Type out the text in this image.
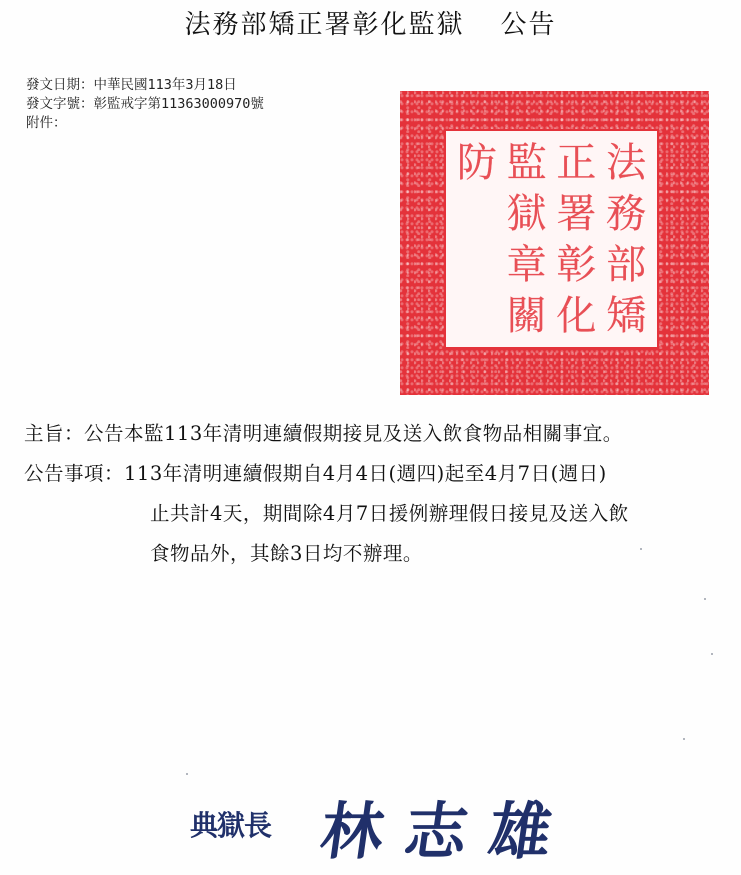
法務部矯正署彰化監獄 公告
發文日期：中華民國113年3月18日
發文字號：彰監戒字第11363000970號
附件：
法
務
部
矯
正
署
彰
化
監
獄
章
關
防
主旨： 公告本監113年清明連續假期接見及送入飲食物品相關事宜。
公告事項： 113年清明連續假期自4月4日(週四)起至4月7日(週日)
止共計4天，期間除4月7日援例辦理假日接見及送入飲
食物品外，其餘3日均不辦理。
典獄長 林志雄
